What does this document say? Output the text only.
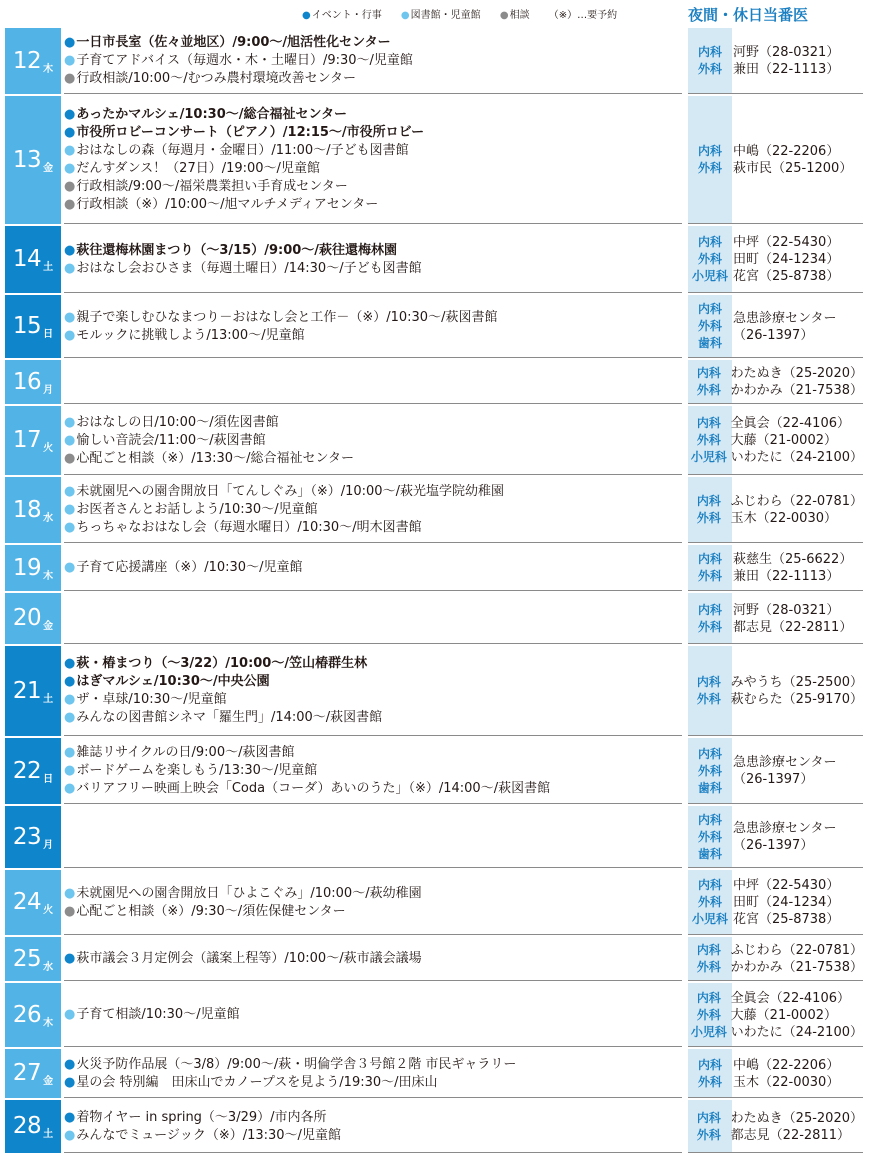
●イベント・行事 ●図書館・児童館 ●相談 （※）…要予約	夜間・休日当番医
12 木
●一日市長室（佐々並地区）/9:00～/旭活性化センター
●子育てアドバイス（毎週水・木・土曜日）/9:30～/児童館
●行政相談/10:00～/むつみ農村環境改善センター
内科
外科
河野（28-0321）
兼田（22-1113）
13 金
●あったかマルシェ/10:30～/総合福祉センター
●市役所ロビーコンサート（ピアノ）/12:15～/市役所ロビー
●おはなしの森（毎週月・金曜日）/11:00～/子ども図書館
●だんすダンス！（27日）/19:00～/児童館
●行政相談/9:00～/福栄農業担い手育成センター
●行政相談（※）/10:00～/旭マルチメディアセンター
内科
外科
中嶋（22-2206）
萩市民（25-1200）
14 土
●萩往還梅林園まつり（～3/15）/9:00～/萩往還梅林園
●おはなし会おひさま（毎週土曜日）/14:30～/子ども図書館
内科
外科
小児科
中坪（22-5430）
田町（24-1234）
花宮（25-8738）
15 日
●親子で楽しむひなまつり－おはなし会と工作－（※）/10:30～/萩図書館
●モルックに挑戦しよう/13:00～/児童館
内科
外科
歯科
急患診療センター
（26-1397）
16 月
内科
外科
わたぬき（25-2020）
かわかみ（21-7538）
17 火
●おはなしの日/10:00～/須佐図書館
●愉しい音読会/11:00～/萩図書館
●心配ごと相談（※）/13:30～/総合福祉センター
内科
外科
小児科
全眞会（22-4106）
大藤（21-0002）
いわたに（24-2100）
18 水
●未就園児への園舎開放日「てんしぐみ」（※）/10:00～/萩光塩学院幼稚園
●お医者さんとお話しよう/10:30～/児童館
●ちっちゃなおはなし会（毎週水曜日）/10:30～/明木図書館
内科
外科
ふじわら（22-0781）
玉木（22-0030）
19 木
●子育て応援講座（※）/10:30～/児童館
内科
外科
萩慈生（25-6622）
兼田（22-1113）
20 金
内科
外科
河野（28-0321）
都志見（22-2811）
21 土
●萩・椿まつり（～3/22）/10:00～/笠山椿群生林
●はぎマルシェ/10:30～/中央公園
●ザ・卓球/10:30～/児童館
●みんなの図書館シネマ「羅生門」/14:00～/萩図書館
内科
外科
みやうち（25-2500）
萩むらた（25-9170）
22 日
●雑誌リサイクルの日/9:00～/萩図書館
●ボードゲームを楽しもう/13:30～/児童館
●バリアフリー映画上映会「Coda（コーダ）あいのうた」（※）/14:00～/萩図書館
内科
外科
歯科
急患診療センター
（26-1397）
23 月
内科
外科
歯科
急患診療センター
（26-1397）
24 火
●未就園児への園舎開放日「ひよこぐみ」/10:00～/萩幼稚園
●心配ごと相談（※）/9:30～/須佐保健センター
内科
外科
小児科
中坪（22-5430）
田町（24-1234）
花宮（25-8738）
25 水
●萩市議会３月定例会（議案上程等）/10:00～/萩市議会議場
内科
外科
ふじわら（22-0781）
かわかみ（21-7538）
26 木
●子育て相談/10:30～/児童館
内科
外科
小児科
全眞会（22-4106）
大藤（21-0002）
いわたに（24-2100）
27 金
●火災予防作品展（～3/8）/9:00～/萩・明倫学舎３号館２階 市民ギャラリー
●星の会 特別編　田床山でカノープスを見よう/19:30～/田床山
内科
外科
中嶋（22-2206）
玉木（22-0030）
28 土
●着物イヤー in spring（～3/29）/市内各所
●みんなでミュージック（※）/13:30～/児童館
内科
外科
わたぬき（25-2020）
都志見（22-2811）
